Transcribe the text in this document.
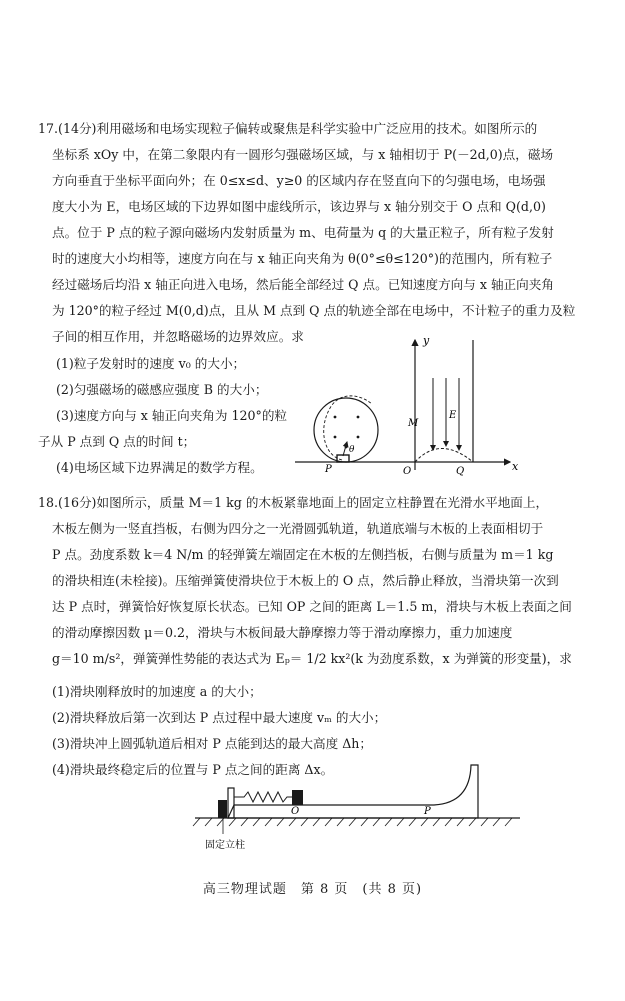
17.(14分)利用磁场和电场实现粒子偏转或聚焦是科学实验中广泛应用的技术。如图所示的
坐标系 xOy 中，在第二象限内有一圆形匀强磁场区域，与 x 轴相切于 P(－2d,0)点，磁场
方向垂直于坐标平面向外；在 0≤x≤d、y≥0 的区域内存在竖直向下的匀强电场，电场强
度大小为 E，电场区域的下边界如图中虚线所示，该边界与 x 轴分别交于 O 点和 Q(d,0)
点。位于 P 点的粒子源向磁场内发射质量为 m、电荷量为 q 的大量正粒子，所有粒子发射
时的速度大小均相等，速度方向在与 x 轴正向夹角为 θ(0°≤θ≤120°)的范围内，所有粒子
经过磁场后均沿 x 轴正向进入电场，然后能全部经过 Q 点。已知速度方向与 x 轴正向夹角
为 120°的粒子经过 M(0,d)点，且从 M 点到 Q 点的轨迹全部在电场中，不计粒子的重力及粒
子间的相互作用，并忽略磁场的边界效应。求
(1)粒子发射时的速度 v₀ 的大小；
(2)匀强磁场的磁感应强度 B 的大小；
(3)速度方向与 x 轴正向夹角为 120°的粒
子从 P 点到 Q 点的时间 t；
(4)电场区域下边界满足的数学方程。
y
x
θ
P
E
M
O	Q
18.(16分)如图所示，质量 M＝1 kg 的木板紧靠地面上的固定立柱静置在光滑水平地面上，
木板左侧为一竖直挡板，右侧为四分之一光滑圆弧轨道，轨道底端与木板的上表面相切于
P 点。劲度系数 k＝4 N/m 的轻弹簧左端固定在木板的左侧挡板，右侧与质量为 m＝1 kg
的滑块相连(未栓接)。压缩弹簧使滑块位于木板上的 O 点，然后静止释放，当滑块第一次到
达 P 点时，弹簧恰好恢复原长状态。已知 OP 之间的距离 L＝1.5 m，滑块与木板上表面之间
的滑动摩擦因数 μ＝0.2，滑块与木板间最大静摩擦力等于滑动摩擦力，重力加速度
g＝10 m/s²，弹簧弹性势能的表达式为 Eₚ＝ 1/2 kx²(k 为劲度系数，x 为弹簧的形变量)，求
(1)滑块刚释放时的加速度 a 的大小；
(2)滑块释放后第一次到达 P 点过程中最大速度 vₘ 的大小；
(3)滑块冲上圆弧轨道后相对 P 点能到达的最大高度 Δh；
(4)滑块最终稳定后的位置与 P 点之间的距离 Δx。
O	P
固定立柱
高三物理试题　第 8 页　(共 8 页)
